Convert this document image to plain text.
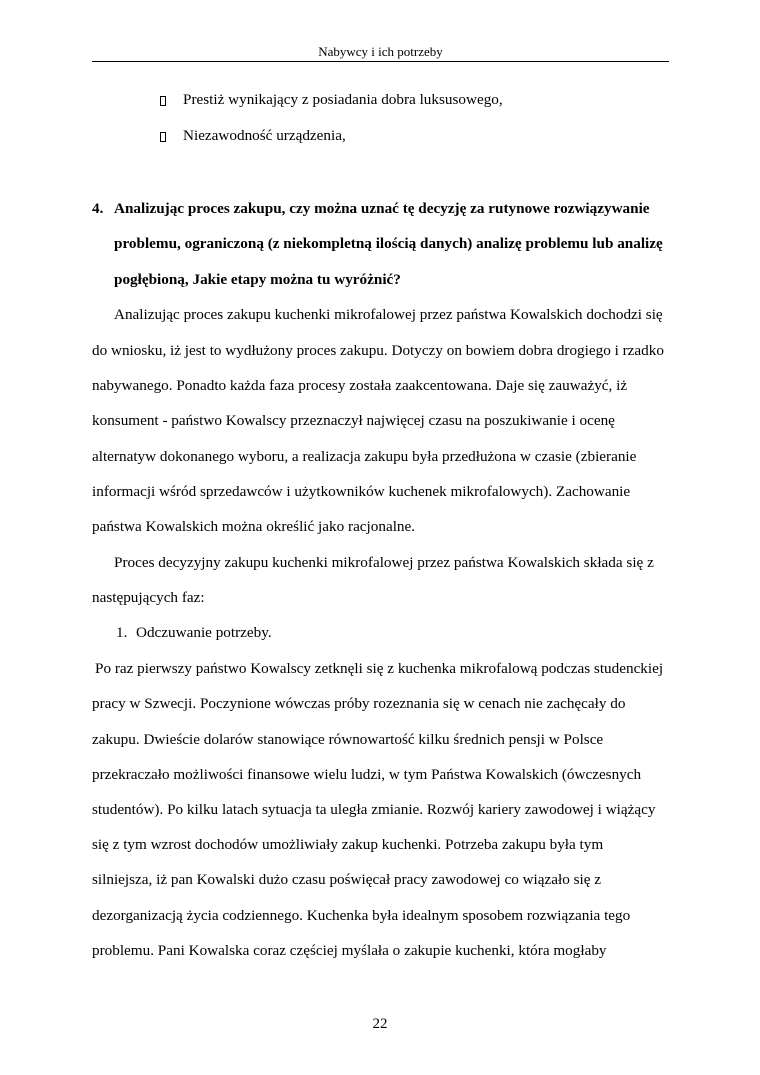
Nabywcy i ich potrzeby
Prestiż wynikający z posiadania dobra luksusowego,
Niezawodność urządzenia,
4. Analizując proces zakupu, czy można uznać tę decyzję za rutynowe rozwiązywanie
problemu, ograniczoną (z niekompletną ilością danych) analizę problemu lub analizę
pogłębioną, Jakie etapy można tu wyróżnić?
Analizując proces zakupu kuchenki mikrofalowej przez państwa Kowalskich dochodzi się
do wniosku, iż jest to wydłużony proces zakupu. Dotyczy on bowiem dobra drogiego i rzadko
nabywanego. Ponadto każda faza procesy została zaakcentowana. Daje się zauważyć, iż
konsument - państwo Kowalscy przeznaczył najwięcej czasu na poszukiwanie i ocenę
alternatyw dokonanego wyboru, a realizacja zakupu była przedłużona w czasie (zbieranie
informacji wśród sprzedawców i użytkowników kuchenek mikrofalowych). Zachowanie
państwa Kowalskich można określić jako racjonalne.
Proces decyzyjny zakupu kuchenki mikrofalowej przez państwa Kowalskich składa się z
następujących faz:
1. Odczuwanie potrzeby.
Po raz pierwszy państwo Kowalscy zetknęli się z kuchenka mikrofalową podczas studenckiej
pracy w Szwecji. Poczynione wówczas próby rozeznania się w cenach nie zachęcały do
zakupu. Dwieście dolarów stanowiące równowartość kilku średnich pensji w Polsce
przekraczało możliwości finansowe wielu ludzi, w tym Państwa Kowalskich (ówczesnych
studentów). Po kilku latach sytuacja ta uległa zmianie. Rozwój kariery zawodowej i wiążący
się z tym wzrost dochodów umożliwiały zakup kuchenki. Potrzeba zakupu była tym
silniejsza, iż pan Kowalski dużo czasu poświęcał pracy zawodowej co wiązało się z
dezorganizacją życia codziennego. Kuchenka była idealnym sposobem rozwiązania tego
problemu. Pani Kowalska coraz częściej myślała o zakupie kuchenki, która mogłaby
22
